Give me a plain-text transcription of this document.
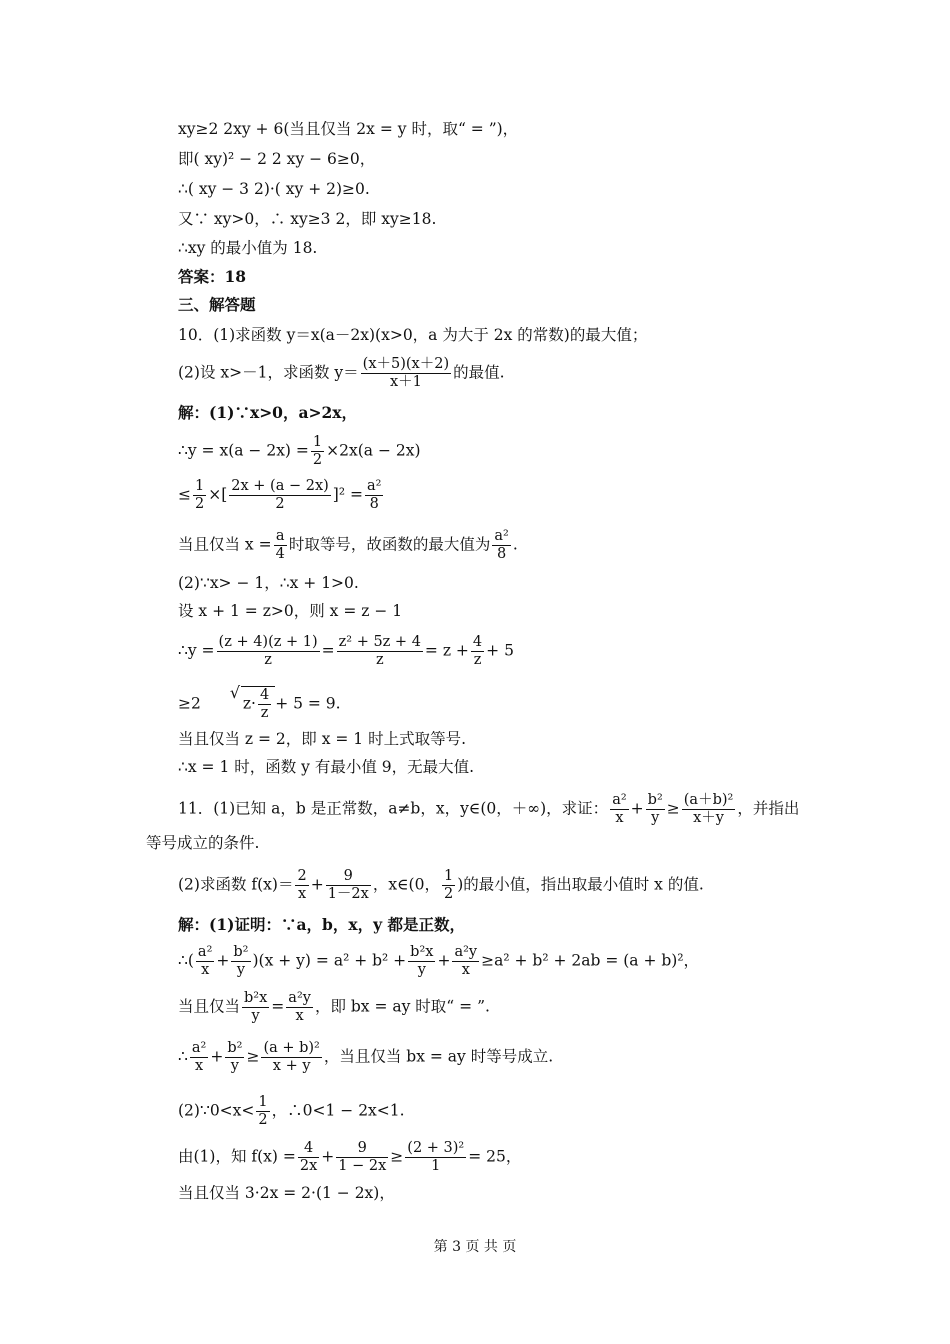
xy≥2 2xy + 6(当且仅当 2x = y 时，取“ = ”)，
即( xy)² − 2 2 xy − 6≥0，
∴( xy − 3 2)·( xy + 2)≥0.
又∵ xy>0，∴ xy≥3 2，即 xy≥18.
∴xy 的最小值为 18.
答案：18
三、解答题
10．(1)求函数 y＝x(a－2x)(x>0，a 为大于 2x 的常数)的最大值；
(2)设 x>－1，求函数 $y= \frac{(x+5)(x+2)}{x+1}$ 的最值.
解：(1)∵x>0，a>2x，
∴y = $x(a - 2x) = \frac{1}{2} \times 2x(a - 2x)$
≤ $\frac{1}{2}$ ×[ $\frac{2x + (a - 2x)}{2} ]^2 = \frac{\text{a²}}{8}$
当且仅当 $x = \frac{a}{4}$ 时取等号，故函数的最大值为 $\frac{\text{a²}}{8}$ .
(2)∵x> − 1，∴x + 1>0.
设 x + 1 = z>0，则 x = z − 1
∴y = $\frac{(z + 4)(z + 1)}{z} = \frac{\text{z² + 5z + 4}}{z} = z + \frac{4}{z} + 5$
≥2√	$z\cdot \frac{4}{z} + 5 = 9$.
当且仅当 z = 2，即 x = 1 时上式取等号.
∴x = 1 时，函数 y 有最小值 9，无最大值.
11．(1)已知 a，b 是正常数，a≠b，x，y∈(0，＋∞)，求证： $\frac{\text{a²}}{x} + \frac{\text{b²}}{y} \ge \frac{\text{(a＋b)²}}{x+y}$ ，并指出
等号成立的条件.
(2)求函数 $f(x)= \frac{2}{x} + \frac{9}{1-2x}$ ，x∈(0， $\frac{1}{2}$ )的最小值，指出取最小值时 x 的值.
解：(1)证明：∵a，b，x，y 都是正数，
∴( $\frac{\text{a²}}{x} + \frac{\text{b²}}{y} )(x + y) = a^2 + b^2 + \frac{\text{b²x}}{y} + \frac{\text{a²y}}{x} \ge a^2 + b^2 + 2ab = (a + b)^2$，
当且仅当 $\frac{\text{b²x}}{y} = \frac{\text{a²y}}{x}$ ，即 bx = ay 时取“ = ”.
∴ $\frac{\text{a²}}{x} + \frac{\text{b²}}{y} \ge \frac{\text{(a + b)²}}{x + y}$ ，当且仅当 bx = ay 时等号成立.
(2)∵0<x< $\frac{1}{2}$ ，∴0<1 − 2x<1.
由(1)，知 $f(x) = \frac{4}{2x} + \frac{9}{1 - 2x} \ge \frac{\text{(2 + 3)²}}{1} = 25$，
当且仅当 3·2x = 2·(1 − 2x)，
第 3 页 共 页
